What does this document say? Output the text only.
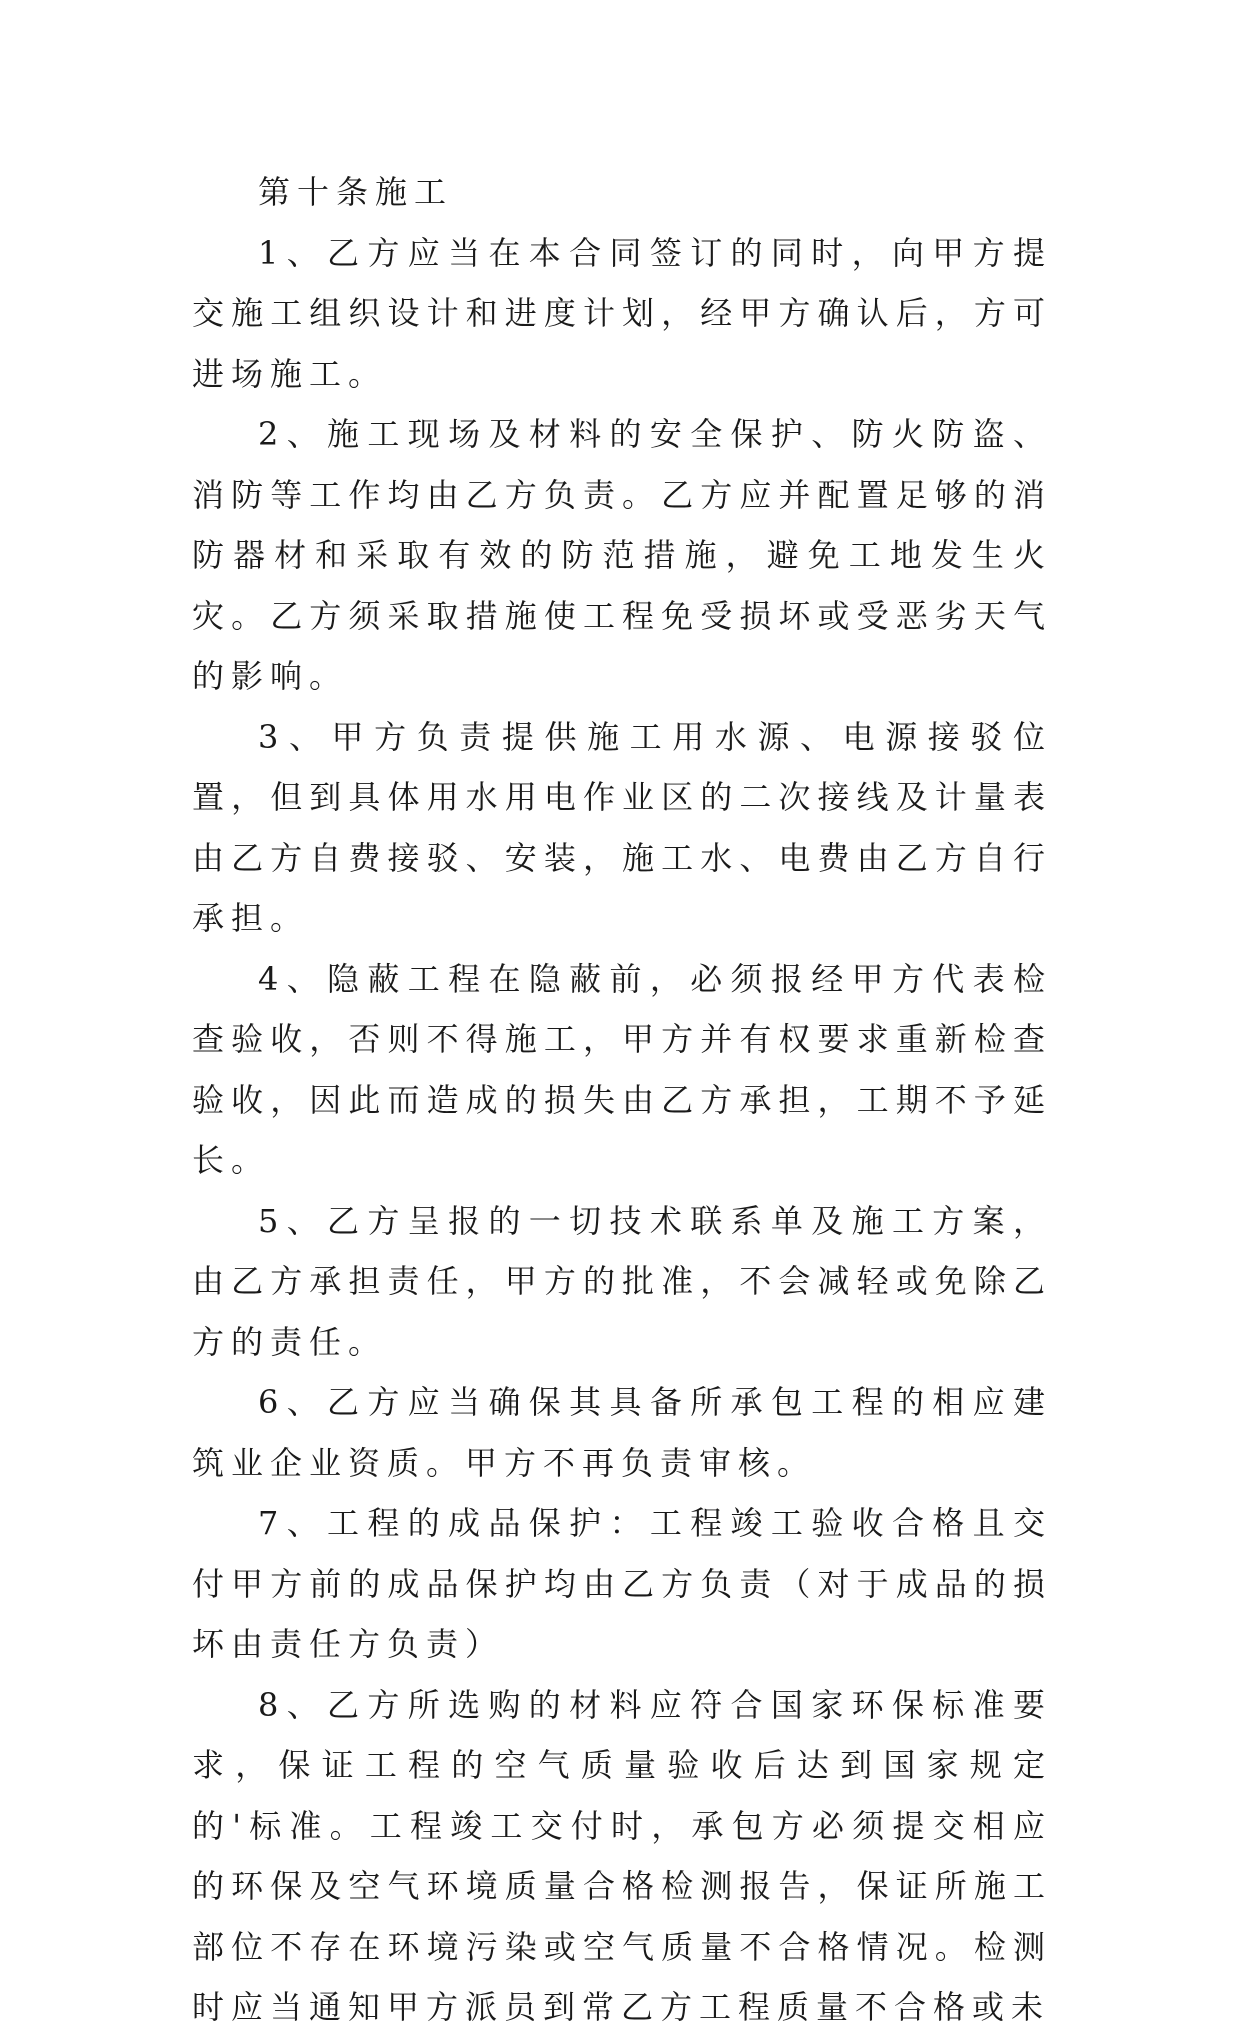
第十条施工

1、乙方应当在本合同签订的同时，向甲方提交施工组织设计和进度计划，经甲方确认后，方可进场施工。

2、施工现场及材料的安全保护、防火防盗、消防等工作均由乙方负责。乙方应并配置足够的消防器材和采取有效的防范措施，避免工地发生火灾。乙方须采取措施使工程免受损坏或受恶劣天气的影响。

3、甲方负责提供施工用水源、电源接驳位置，但到具体用水用电作业区的二次接线及计量表由乙方自费接驳、安装，施工水、电费由乙方自行承担。

4、隐蔽工程在隐蔽前，必须报经甲方代表检查验收，否则不得施工，甲方并有权要求重新检查验收，因此而造成的损失由乙方承担，工期不予延长。

5、乙方呈报的一切技术联系单及施工方案，由乙方承担责任，甲方的批准，不会减轻或免除乙方的责任。

6、乙方应当确保其具备所承包工程的相应建筑业企业资质。甲方不再负责审核。

7、工程的成品保护：工程竣工验收合格且交付甲方前的成品保护均由乙方负责（对于成品的损坏由责任方负责）

8、乙方所选购的材料应符合国家环保标准要求，保证工程的空气质量验收后达到国家规定的'标准。工程竣工交付时，承包方必须提交相应的环保及空气环境质量合格检测报告，保证所施工部位不存在环境污染或空气质量不合格情况。检测时应当通知甲方派员到常乙方工程质量不合格或未
